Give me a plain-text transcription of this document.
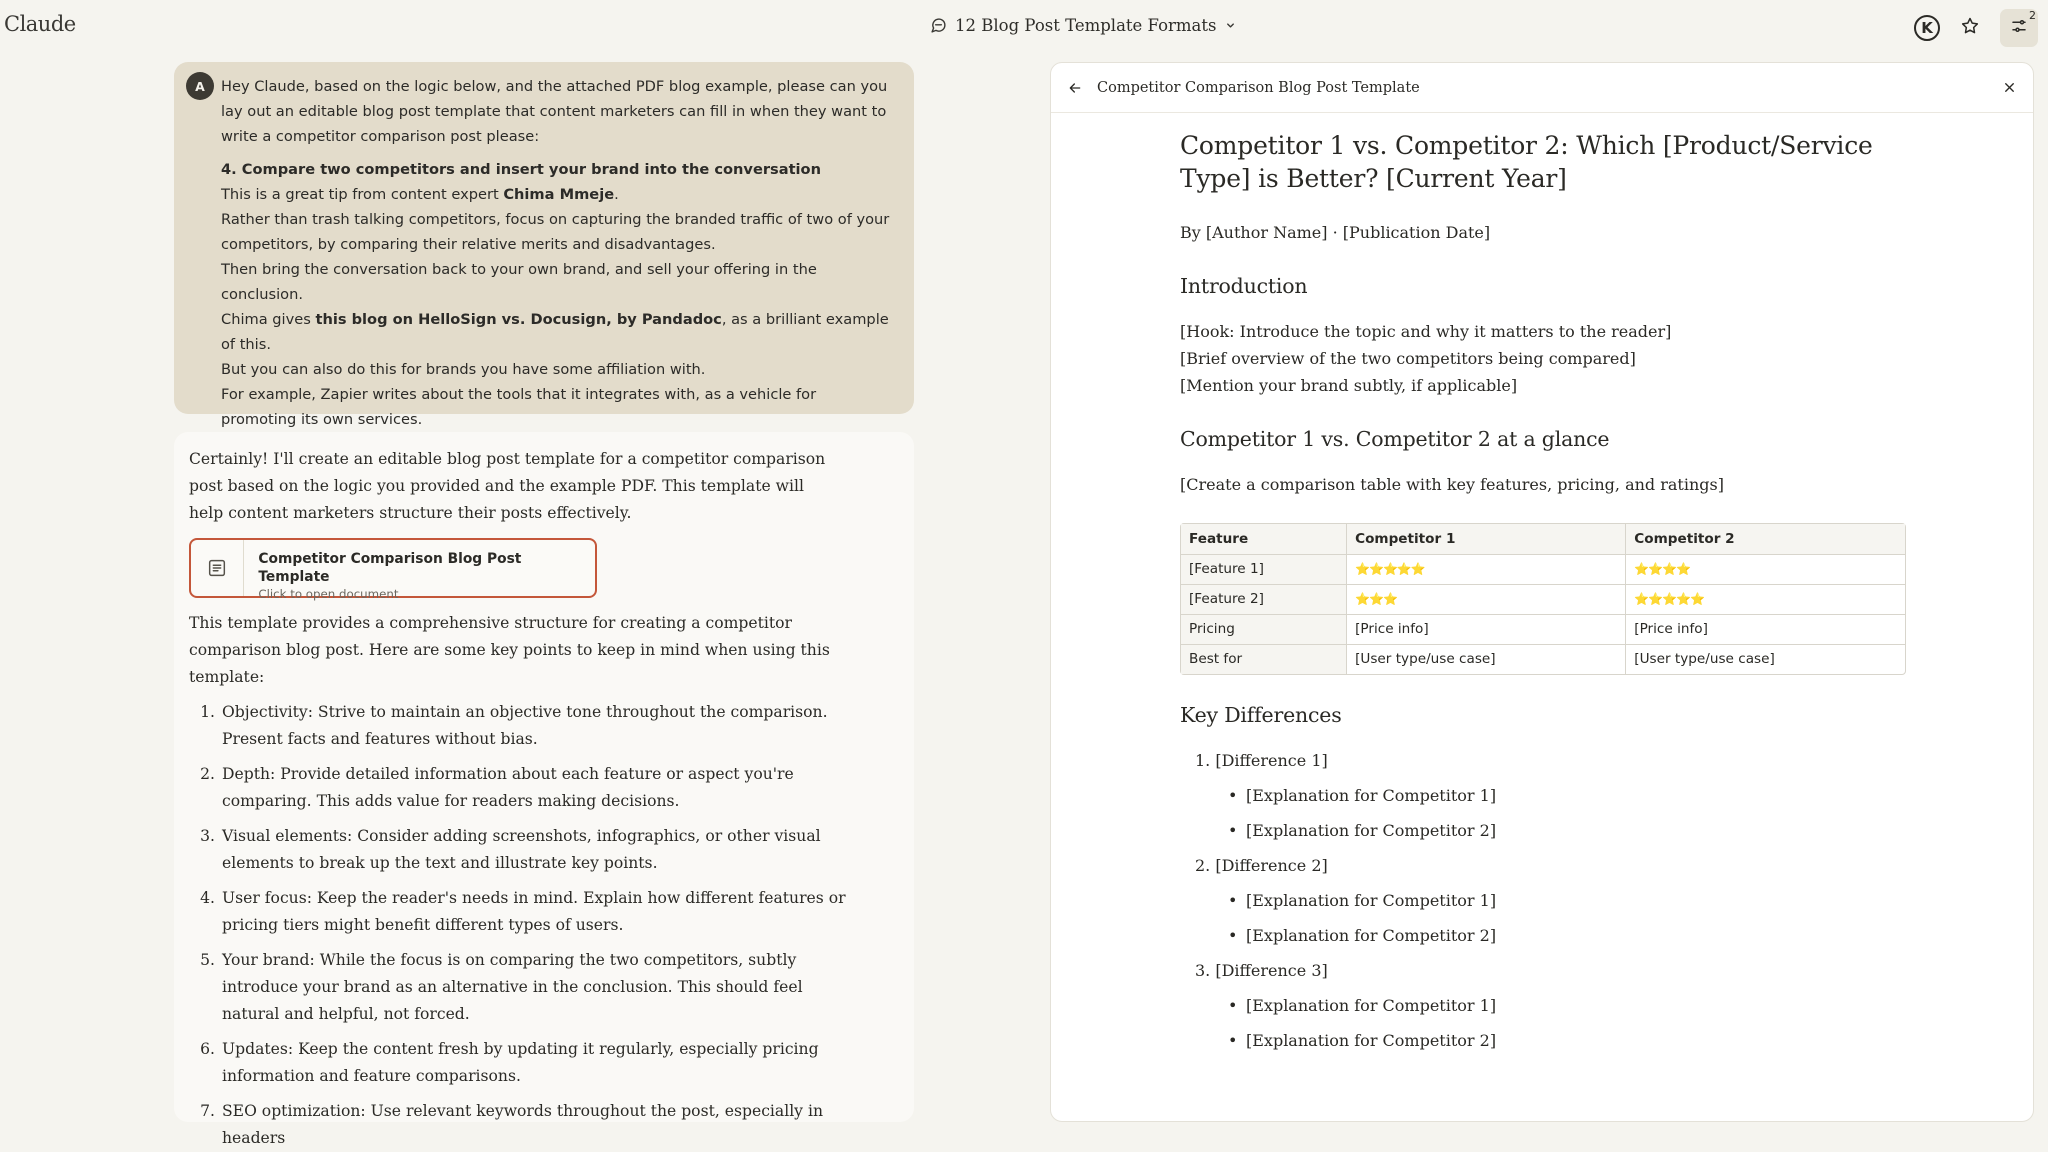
Claude	12 Blog Post Template Formats	K
2
A	Hey Claude, based on the logic below, and the attached PDF blog example, please can you lay out an editable blog post template that content marketers can fill in when they want to write a competitor comparison post please:

4. Compare two competitors and insert your brand into the conversation

This is a great tip from content expert Chima Mmeje.

Rather than trash talking competitors, focus on capturing the branded traffic of two of your competitors, by comparing their relative merits and disadvantages.

Then bring the conversation back to your own brand, and sell your offering in the conclusion.

Chima gives this blog on HelloSign vs. Docusign, by Pandadoc, as a brilliant example of this.

But you can also do this for brands you have some affiliation with.

For example, Zapier writes about the tools that it integrates with, as a vehicle for promoting its own services.

Certainly! I'll create an editable blog post template for a competitor comparison post based on the logic you provided and the example PDF. This template will help content marketers structure their posts effectively.
Competitor Comparison Blog Post Template
Click to open document
This template provides a comprehensive structure for creating a competitor comparison blog post. Here are some key points to keep in mind when using this template:
1. Objectivity: Strive to maintain an objective tone throughout the comparison. Present facts and features without bias.
2. Depth: Provide detailed information about each feature or aspect you're comparing. This adds value for readers making decisions.
3. Visual elements: Consider adding screenshots, infographics, or other visual elements to break up the text and illustrate key points.
4. User focus: Keep the reader's needs in mind. Explain how different features or pricing tiers might benefit different types of users.
5. Your brand: While the focus is on comparing the two competitors, subtly introduce your brand as an alternative in the conclusion. This should feel natural and helpful, not forced.
6. Updates: Keep the content fresh by updating it regularly, especially pricing information and feature comparisons.
7. SEO optimization: Use relevant keywords throughout the post, especially in headers
Competitor Comparison Blog Post Template
Competitor 1 vs. Competitor 2: Which [Product/Service Type] is Better? [Current Year]
By [Author Name] · [Publication Date]
Introduction
[Hook: Introduce the topic and why it matters to the reader]
[Brief overview of the two competitors being compared]
[Mention your brand subtly, if applicable]
Competitor 1 vs. Competitor 2 at a glance
[Create a comparison table with key features, pricing, and ratings]
Feature	Competitor 1	Competitor 2
[Feature 1]	⭐⭐⭐⭐⭐	⭐⭐⭐⭐
[Feature 2]	⭐⭐⭐	⭐⭐⭐⭐⭐
Pricing	[Price info]	[Price info]
Best for	[User type/use case]	[User type/use case]
Key Differences
1. [Difference 1]
• [Explanation for Competitor 1]
• [Explanation for Competitor 2]
2. [Difference 2]
• [Explanation for Competitor 1]
• [Explanation for Competitor 2]
3. [Difference 3]
• [Explanation for Competitor 1]
• [Explanation for Competitor 2]
